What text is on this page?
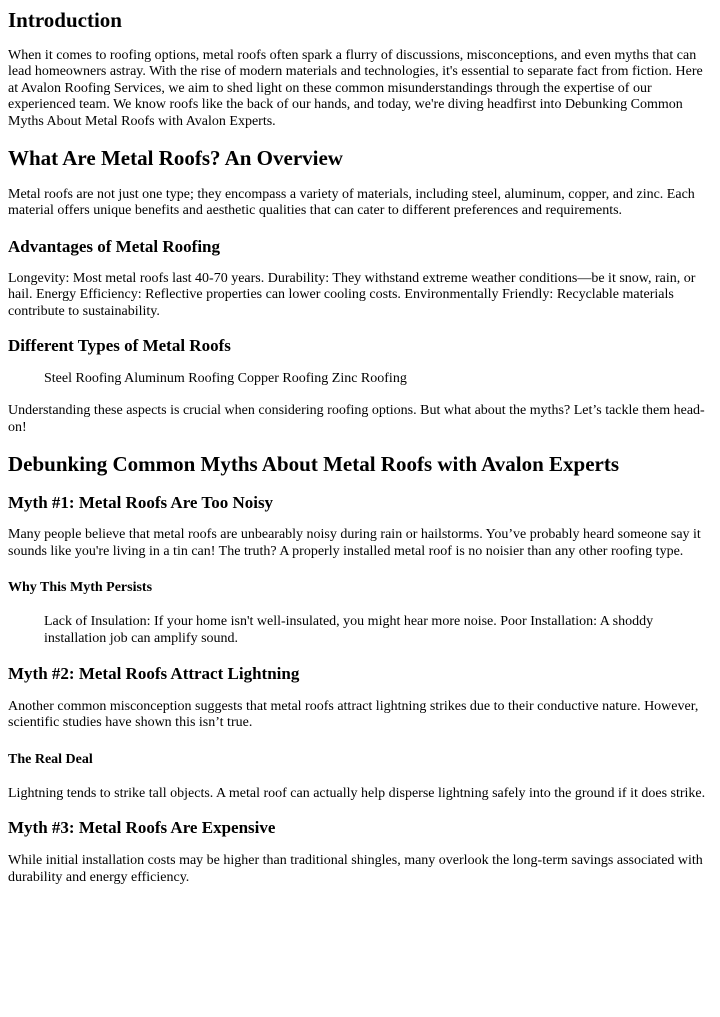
Introduction

When it comes to roofing options, metal roofs often spark a flurry of discussions, misconceptions, and even myths that can lead homeowners astray. With the rise of modern materials and technologies, it's essential to separate fact from fiction. Here at Avalon Roofing Services, we aim to shed light on these common misunderstandings through the expertise of our experienced team. We know roofs like the back of our hands, and today, we're diving headfirst into Debunking Common Myths About Metal Roofs with Avalon Experts.

What Are Metal Roofs? An Overview

Metal roofs are not just one type; they encompass a variety of materials, including steel, aluminum, copper, and zinc. Each material offers unique benefits and aesthetic qualities that can cater to different preferences and requirements.

Advantages of Metal Roofing

Longevity: Most metal roofs last 40-70 years. Durability: They withstand extreme weather conditions—be it snow, rain, or hail. Energy Efficiency: Reflective properties can lower cooling costs. Environmentally Friendly: Recyclable materials contribute to sustainability.

Different Types of Metal Roofs

Steel Roofing Aluminum Roofing Copper Roofing Zinc Roofing

Understanding these aspects is crucial when considering roofing options. But what about the myths? Let’s tackle them head-on!

Debunking Common Myths About Metal Roofs with Avalon Experts
Myth #1: Metal Roofs Are Too Noisy

Many people believe that metal roofs are unbearably noisy during rain or hailstorms. You’ve probably heard someone say it sounds like you're living in a tin can! The truth? A properly installed metal roof is no noisier than any other roofing type.

Why This Myth Persists

Lack of Insulation: If your home isn't well-insulated, you might hear more noise. Poor Installation: A shoddy installation job can amplify sound.

Myth #2: Metal Roofs Attract Lightning

Another common misconception suggests that metal roofs attract lightning strikes due to their conductive nature. However, scientific studies have shown this isn’t true.

The Real Deal

Lightning tends to strike tall objects. A metal roof can actually help disperse lightning safely into the ground if it does strike.

Myth #3: Metal Roofs Are Expensive

While initial installation costs may be higher than traditional shingles, many overlook the long-term savings associated with durability and energy efficiency.
